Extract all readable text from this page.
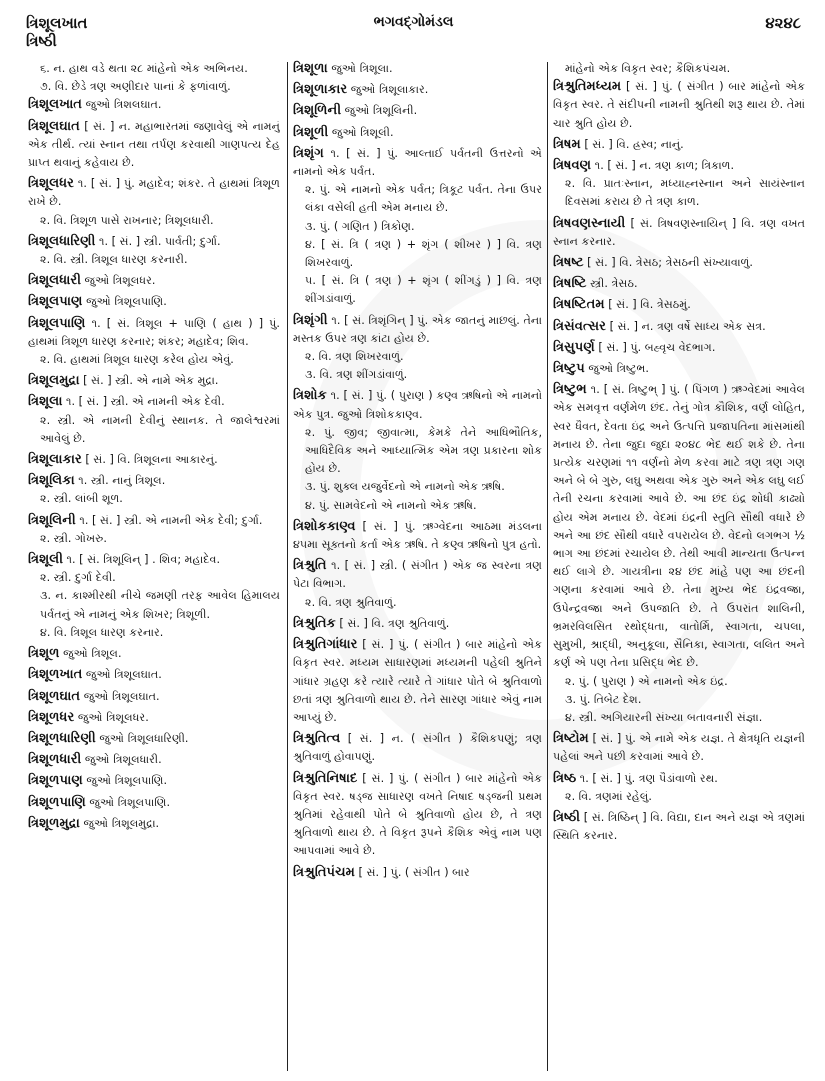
ત્રિશૂલખાત
ત્રિષ્ઠી
ભગવદ્ગોમંડલ	૪૨૪૮
૬. ન. હાથ વડે થતા ૨૮ માંહેનો એક અભિનય.
૭. વિ. છેડે ત્રણ અણીદાર પાનાં કે ફળાંવાળું.
ત્રિશૂલખાત જુઓ ત્રિશલઘાત.
ત્રિશૂલઘાત [ સં. ] ન. મહાભારતમાં જણાવેલું એ નામનું એક તીર્થ. ત્યાં સ્નાન તથા તર્પણ કરવાથી ગાણપત્ય દેહ પ્રાપ્ત થવાનું કહેવાય છે.
ત્રિશૂલધર ૧. [ સં. ] પું. મહાદેવ; શંકર. તે હાથમાં ત્રિશૂળ રાખે છે.
૨. વિ. ત્રિશૂળ પાસે રાખનાર; ત્રિશૂલધારી.
ત્રિશૂલધારિણી ૧. [ સં. ] સ્ત્રી. પાર્વતી; દુર્ગા.
૨. વિ. સ્ત્રી. ત્રિશૂલ ધારણ કરનારી.
ત્રિશૂલધારી જુઓ ત્રિશૂલધર.
ત્રિશૂલપાણ જુઓ ત્રિશૂલપાણિ.
ત્રિશૂલપાણિ ૧. [ સં. ત્રિશૂલ + પાણિ ( હાથ ) ] પું. હાથમાં ત્રિશૂળ ધારણ કરનાર; શંકર; મહાદેવ; શિવ.
૨. વિ. હાથમાં ત્રિશૂલ ધારણ કરેલ હોય એવું.
ત્રિશૂલમુદ્રા [ સં. ] સ્ત્રી. એ નામે એક મુદ્રા.
ત્રિશૂલા ૧. [ સં. ] સ્ત્રી. એ નામની એક દેવી.
૨. સ્ત્રી. એ નામની દેવીનું સ્થાનક. તે જાલેશ્વરમાં આવેલું છે.
ત્રિશૂલાકાર [ સં. ] વિ. ત્રિશૂલના આકારનું.
ત્રિશૂલિકા ૧. સ્ત્રી. નાનું ત્રિશૂલ.
૨. સ્ત્રી. લાંબી શૂળ.
ત્રિશૂલિની ૧. [ સં. ] સ્ત્રી. એ નામની એક દેવી; દુર્ગા.
૨. સ્ત્રી. ગોખરુ.
ત્રિશૂલી ૧. [ સં. ત્રિશૂલિન્ ] . શિવ; મહાદેવ.
૨. સ્ત્રી. દુર્ગા દેવી.
૩. ન. કાશ્મીરથી નીચે જમણી તરફ આવેલ હિમાલય પર્વતનું એ નામનું એક શિખર; ત્રિશૂળી.
૪. વિ. ત્રિશૂલ ધારણ કરનાર.
ત્રિશૂળ જુઓ ત્રિશૂલ.
ત્રિશૂળખાત જુઓ ત્રિશૂલઘાત.
ત્રિશૂળઘાત જુઓ ત્રિશૂલઘાત.
ત્રિશૂળધર જુઓ ત્રિશૂલધર.
ત્રિશૂળધારિણી જુઓ ત્રિશૂલધારિણી.
ત્રિશૂળધારી જુઓ ત્રિશૂલધારી.
ત્રિશૂળપાણ જુઓ ત્રિશૂલપાણિ.
ત્રિશૂળપાણિ જુઓ ત્રિશૂલપાણિ.
ત્રિશૂળમુદ્રા જુઓ ત્રિશૂલમુદ્રા.
ત્રિશૂળા જુઓ ત્રિશૂલા.
ત્રિશૂળાકાર જુઓ ત્રિશૂલાકાર.
ત્રિશૂળિની જુઓ ત્રિશૂલિની.
ત્રિશૂળી જુઓ ત્રિશૂલી.
ત્રિશૃંગ ૧. [ સં. ] પું. આલ્તાઈ પર્વતની ઉત્તરનો એ નામનો એક પર્વત.
૨. પું. એ નામનો એક પર્વત; ત્રિકૂટ પર્વત. તેના ઉપર લંકા વસેલી હતી એમ મનાય છે.
૩. પું. ( ગણિત ) ત્રિકોણ.
૪. [ સં. ત્રિ ( ત્રણ ) + શૃંગ ( શીખર ) ] વિ. ત્રણ શિખરવાળું.
૫. [ સં. ત્રિ ( ત્રણ ) + શૃંગ ( શીંગડું ) ] વિ. ત્રણ શીંગડાંવાળું.
ત્રિશૃંગી ૧. [ સં. ત્રિશૃંગિન્ ] પું. એક જાતનું માછલું. તેના મસ્તક ઉપર ત્રણ કાંટા હોય છે.
૨. વિ. ત્રણ શિખરવાળું.
૩. વિ. ત્રણ શીંગડાંવાળું.
ત્રિશોક ૧. [ સં. ] પું. ( પુરાણ ) કણ્વ ઋષિનો એ નામનો એક પુત્ર. જુઓ ત્રિશોકકાણ્વ.
૨. પું. જીવ; જીવાત્મા, કેમકે તેને આધિભૌતિક, આધિદૈવિક અને આધ્યાત્મિક એમ ત્રણ પ્રકારના શોક હોય છે.
૩. પું. શુક્લ યજુર્વેદનો એ નામનો એક ઋષિ.
૪. પું. સામવેદનો એ નામનો એક ઋષિ.
ત્રિશોકકાણ્વ [ સં. ] પું. ઋગ્વેદના આઠમા મંડલના ૪૫મા સૂક્તનો કર્તા એક ઋષિ. તે કણ્વ ઋષિનો પુત્ર હતો.
ત્રિશ્રુતિ ૧. [ સં. ] સ્ત્રી. ( સંગીત ) એક જ સ્વરના ત્રણ પેટા વિભાગ.
૨. વિ. ત્રણ શ્રુતિવાળું.
ત્રિશ્રુતિક [ સં. ] વિ. ત્રણ શ્રુતિવાળું.
ત્રિશ્રુતિગાંધાર [ સં. ] પું. ( સંગીત ) બાર માંહેનો એક વિકૃત સ્વર. મધ્યમ સાધારણમાં મધ્યમની પહેલી શ્રુતિને ગાંધાર ગ્રહણ કરે ત્યારે ત્યારે તે ગાંધાર પોતે બે શ્રુતિવાળો છતાં ત્રણ શ્રુતિવાળો થાય છે. તેને સારણ ગાંધાર એવું નામ આપ્યું છે.
ત્રિશ્રુતિત્વ [ સં. ] ન. ( સંગીત ) કૈશિકપણું; ત્રણ શ્રુતિવાળું હોવાપણું.
ત્રિશ્રુતિનિષાદ [ સં. ] પું. ( સંગીત ) બાર માંહેનો એક વિકૃત સ્વર. ષડ્જ સાધારણ વખતે નિષાદ ષડ્જની પ્રથમ શ્રુતિમાં રહેવાથી પોતે બે શ્રુતિવાળો હોય છે, તે ત્રણ શ્રુતિવાળો થાય છે. તે વિકૃત રૂપને કૈશિક એવું નામ પણ આપવામાં આવે છે.
ત્રિશ્રુતિપંચમ [ સં. ] પું. ( સંગીત ) બાર
માંહેનો એક વિકૃત સ્વર; કૈશિકપંચમ.
ત્રિશ્રુતિમધ્યમ [ સં. ] પું. ( સંગીત ) બાર માંહેનો એક વિકૃત સ્વર. તે સંદીપની નામની શ્રુતિથી શરૂ થાય છે. તેમાં ચાર શ્રુતિ હોય છે.
ત્રિષમ [ સં. ] વિ. હ્રસ્વ; નાનું.
ત્રિષવણ ૧. [ સં. ] ન. ત્રણ કાળ; ત્રિકાળ.
૨. વિ. પ્રાતઃસ્નાન, મધ્યાહ્નસ્નાન અને સાયંસ્નાન દિવસમાં કરાય છે તે ત્રણ કાળ.
ત્રિષવણસ્નાયી [ સં. ત્રિષવણસ્નાયિન્ ] વિ. ત્રણ વખત સ્નાન કરનાર.
ત્રિષષ્ટ [ સં. ] વિ. ત્રેસઠ; ત્રેસઠની સંખ્યાવાળું.
ત્રિષષ્ટિ સ્ત્રી. ત્રેસઠ.
ત્રિષષ્ટિતમ [ સં. ] વિ. ત્રેસઠમું.
ત્રિસંવત્સર [ સં. ] ન. ત્રણ વર્ષે સાધ્ય એક સત્ર.
ત્રિસુપર્ણ [ સં. ] પું. બહ્વૃચ વેદભાગ.
ત્રિષ્ટુપ જુઓ ત્રિષ્ટુભ.
ત્રિષ્ટુભ ૧. [ સં. ત્રિષ્ટુભ્ ] પું. ( પિંગળ ) ઋગ્વેદમાં આવેલ એક સમવૃત્ત વર્ણમેળ છંદ. તેનું ગોત્ર કૌશિક, વર્ણ લોહિત, સ્વર ધૈવત, દેવતા ઇંદ્ર અને ઉત્પત્તિ પ્રજાપતિના માંસમાંથી મનાય છે. તેના જુદા જુદા ૨૦૪૮ ભેદ થઈ શકે છે. તેના પ્રત્યેક ચરણમાં ૧૧ વર્ણનો મેળ કરવા માટે ત્રણ ત્રણ ગણ અને બે બે ગુરુ, લઘુ અથવા એક ગુરુ અને એક લઘુ લઈ તેની રચના કરવામાં આવે છે. આ છંદ ઇંદ્ર શોધી કાઢ્યો હોય એમ મનાય છે. વેદમાં ઇંદ્રની સ્તુતિ સૌથી વધારે છે અને આ છંદ સૌથી વધારે વપરાયેલ છે. વેદનો લગભગ ½ ભાગ આ છંદમાં રચાયેલ છે. તેથી આવી માન્યતા ઉત્પન્ન થઈ લાગે છે. ગાયત્રીના ૨૪ છંદ માંહે પણ આ છંદની ગણના કરવામાં આવે છે. તેના મુખ્ય ભેદ ઇંદ્રવજ્રા, ઉપેન્દ્રવજ્રા અને ઉપજાતિ છે. તે ઉપરાંત શાલિની, ભ્રમરવિલસિત રથોદ્ધતા, વાતોર્મિ, સ્વાગતા, ચપલા, સુમુખી, શ્રાદ્ધી, અનુકૂલા, સૈનિકા, સ્વાગતા, લલિત અને કર્ણ એ પણ તેના પ્રસિદ્ધ ભેદ છે.
૨. પું. ( પુરાણ ) એ નામનો એક ઇંદ્ર.
૩. પું. તિબેટ દેશ.
૪. સ્ત્રી. અગિયારની સંખ્યા બતાવનારી સંજ્ઞા.
ત્રિષ્ટોમ [ સં. ] પું. એ નામે એક યજ્ઞ. તે ક્ષેત્રધૃતિ યજ્ઞની પહેલાં અને પછી કરવામાં આવે છે.
ત્રિષ્ઠ ૧. [ સં. ] પું. ત્રણ પૈડાંવાળો રથ.
૨. વિ. ત્રણમાં રહેલું.
ત્રિષ્ઠી [ સં. ત્રિષ્ઠિન્ ] વિ. વિદ્યા, દાન અને યજ્ઞ એ ત્રણમાં સ્થિતિ કરનાર.
